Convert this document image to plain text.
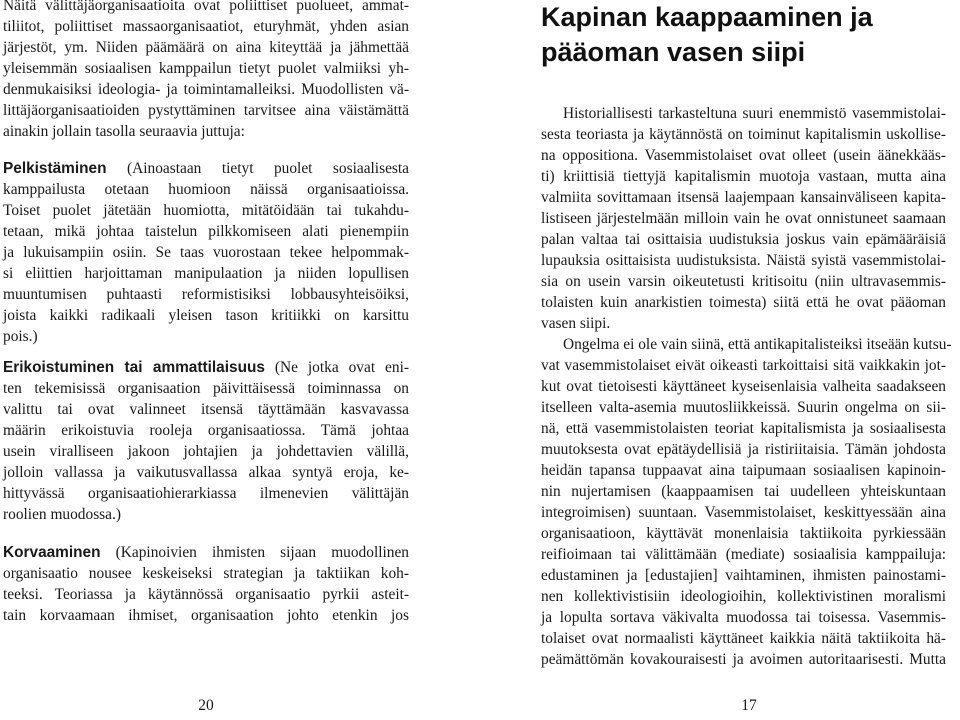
Näitä välittäjäorganisaatioita ovat poliittiset puolueet, ammat-

tiliitot, poliittiset massaorganisaatiot, eturyhmät, yhden asian

järjestöt, ym. Niiden päämäärä on aina kiteyttää ja jähmettää

yleisemmän sosiaalisen kamppailun tietyt puolet valmiiksi yh-

denmukaisiksi ideologia- ja toimintamalleiksi. Muodollisten vä-

littäjäorganisaatioiden pystyttäminen tarvitsee aina väistämättä

ainakin jollain tasolla seuraavia juttuja:

Pelkistäminen (Ainoastaan tietyt puolet sosiaalisesta

kamppailusta otetaan huomioon näissä organisaatioissa.

Toiset puolet jätetään huomiotta, mitätöidään tai tukahdu-

tetaan, mikä johtaa taistelun pilkkomiseen alati pienempiin

ja lukuisampiin osiin. Se taas vuorostaan tekee helpommak-

si eliittien harjoittaman manipulaation ja niiden lopullisen

muuntumisen puhtaasti reformistisiksi lobbausyhteisöiksi,

joista kaikki radikaali yleisen tason kritiikki on karsittu

pois.)

Erikoistuminen tai ammattilaisuus (Ne jotka ovat eni-

ten tekemisissä organisaation päivittäisessä toiminnassa on

valittu tai ovat valinneet itsensä täyttämään kasvavassa

määrin erikoistuvia rooleja organisaatiossa. Tämä johtaa

usein viralliseen jakoon johtajien ja johdettavien välillä,

jolloin vallassa ja vaikutusvallassa alkaa syntyä eroja, ke-

hittyvässä organisaatiohierarkiassa ilmenevien välittäjän

roolien muodossa.)

Korvaaminen (Kapinoivien ihmisten sijaan muodollinen

organisaatio nousee keskeiseksi strategian ja taktiikan koh-

teeksi. Teoriassa ja käytännössä organisaatio pyrkii asteit-

tain korvaamaan ihmiset, organisaation johto etenkin jos

20
Kapinan kaappaaminen ja
pääoman vasen siipi

Historiallisesti tarkasteltuna suuri enemmistö vasemmistolai-

sesta teoriasta ja käytännöstä on toiminut kapitalismin uskollise-

na oppositiona. Vasemmistolaiset ovat olleet (usein äänekkääs-

ti) kriittisiä tiettyjä kapitalismin muotoja vastaan, mutta aina

valmiita sovittamaan itsensä laajempaan kansainväliseen kapita-

listiseen järjestelmään milloin vain he ovat onnistuneet saamaan

palan valtaa tai osittaisia uudistuksia joskus vain epämääräisiä

lupauksia osittaisista uudistuksista. Näistä syistä vasemmistolai-

sia on usein varsin oikeutetusti kritisoitu (niin ultravasemmis-

tolaisten kuin anarkistien toimesta) siitä että he ovat pääoman

vasen siipi.

Ongelma ei ole vain siinä, että antikapitalisteiksi itseään kutsu-

vat vasemmistolaiset eivät oikeasti tarkoittaisi sitä vaikkakin jot-

kut ovat tietoisesti käyttäneet kyseisenlaisia valheita saadakseen

itselleen valta-asemia muutosliikkeissä. Suurin ongelma on sii-

nä, että vasemmistolaisten teoriat kapitalismista ja sosiaalisesta

muutoksesta ovat epätäydellisiä ja ristiriitaisia. Tämän johdosta

heidän tapansa tuppaavat aina taipumaan sosiaalisen kapinoin-

nin nujertamisen (kaappaamisen tai uudelleen yhteiskuntaan

integroimisen) suuntaan. Vasemmistolaiset, keskittyessään aina

organisaatioon, käyttävät monenlaisia taktiikoita pyrkiessään

reifioimaan tai välittämään (mediate) sosiaalisia kamppailuja:

edustaminen ja [edustajien] vaihtaminen, ihmisten painostami-

nen kollektivistisiin ideologioihin, kollektivistinen moralismi

ja lopulta sortava väkivalta muodossa tai toisessa. Vasemmis-

tolaiset ovat normaalisti käyttäneet kaikkia näitä taktiikoita hä-

peämättömän kovakouraisesti ja avoimen autoritaarisesti. Mutta

17
